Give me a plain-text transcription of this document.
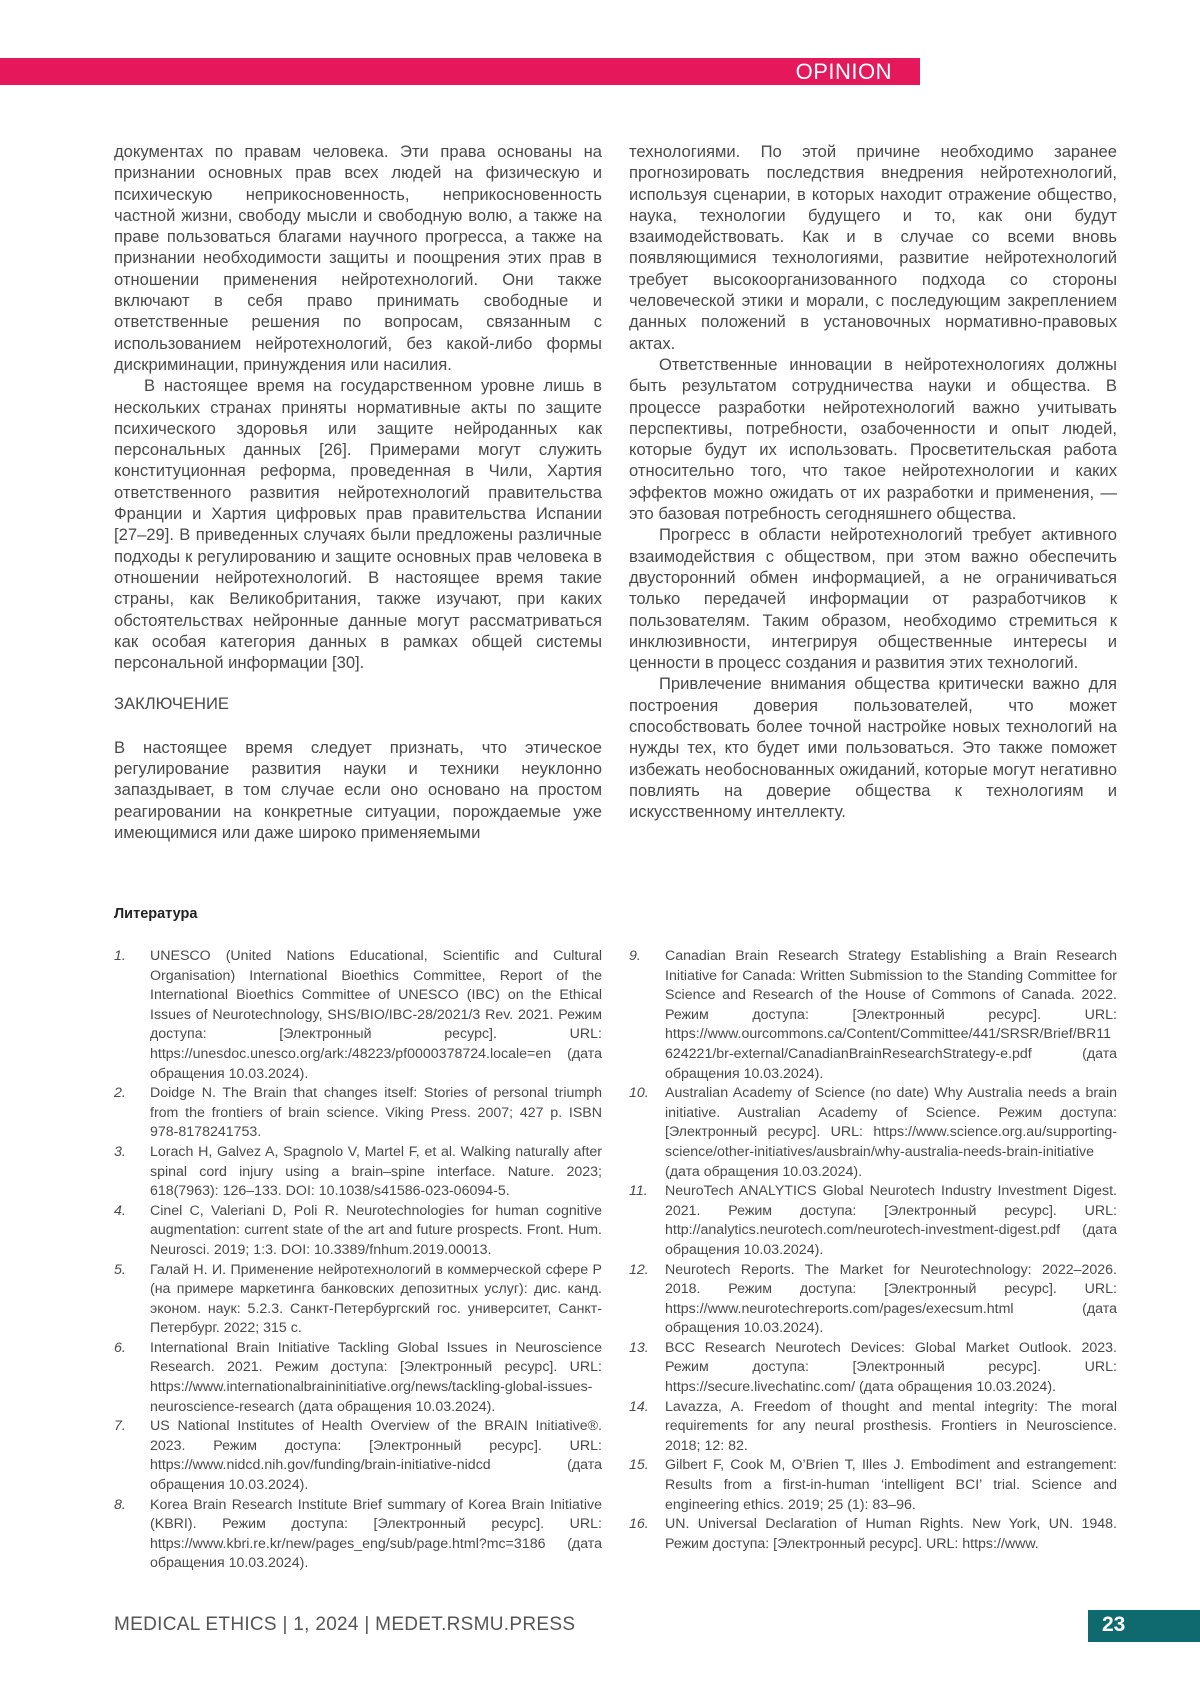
OPINION

документах по правам человека. Эти права основаны на признании основных прав всех людей на физическую и психическую неприкосновенность, неприкосновенность частной жизни, свободу мысли и свободную волю, а также на праве пользоваться благами научного прогресса, а также на признании необходимости защиты и поощрения этих прав в отношении применения нейротехнологий. Они также включают в себя право принимать свободные и ответственные решения по вопросам, связанным с использованием нейротехнологий, без какой-либо формы дискриминации, принуждения или насилия.

В настоящее время на государственном уровне лишь в нескольких странах приняты нормативные акты по защите психического здоровья или защите нейроданных как персональных данных [26]. Примерами могут служить конституционная реформа, проведенная в Чили, Хартия ответственного развития нейротехнологий правительства Франции и Хартия цифровых прав правительства Испании [27–29]. В приведенных случаях были предложены различные подходы к регулированию и защите основных прав человека в отношении нейротехнологий. В настоящее время такие страны, как Великобритания, также изучают, при каких обстоятельствах нейронные данные могут рассматриваться как особая категория данных в рамках общей системы персональной информации [30].

ЗАКЛЮЧЕНИЕ

В настоящее время следует признать, что этическое регулирование развития науки и техники неуклонно запаздывает, в том случае если оно основано на простом реагировании на конкретные ситуации, порождаемые уже имеющимися или даже широко применяемыми

технологиями. По этой причине необходимо заранее прогнозировать последствия внедрения нейротехнологий, используя сценарии, в которых находит отражение общество, наука, технологии будущего и то, как они будут взаимодействовать. Как и в случае со всеми вновь появляющимися технологиями, развитие нейротехнологий требует высокоорганизованного подхода со стороны человеческой этики и морали, с последующим закреплением данных положений в установочных нормативно-правовых актах.

Ответственные инновации в нейротехнологиях должны быть результатом сотрудничества науки и общества. В процессе разработки нейротехнологий важно учитывать перспективы, потребности, озабоченности и опыт людей, которые будут их использовать. Просветительская работа относительно того, что такое нейротехнологии и каких эффектов можно ожидать от их разработки и применения, — это базовая потребность сегодняшнего общества.

Прогресс в области нейротехнологий требует активного взаимодействия с обществом, при этом важно обеспечить двусторонний обмен информацией, а не ограничиваться только передачей информации от разработчиков к пользователям. Таким образом, необходимо стремиться к инклюзивности, интегрируя общественные интересы и ценности в процесс создания и развития этих технологий.

Привлечение внимания общества критически важно для построения доверия пользователей, что может способствовать более точной настройке новых технологий на нужды тех, кто будет ими пользоваться. Это также поможет избежать необоснованных ожиданий, которые могут негативно повлиять на доверие общества к технологиям и искусственному интеллекту.

Литература
1.	UNESCO (United Nations Educational, Scientific and Cultural Organisation) International Bioethics Committee, Report of the International Bioethics Committee of UNESCO (IBC) on the Ethical Issues of Neurotechnology, SHS/BIO/IBC-28/2021/3 Rev. 2021. Режим доступа: [Электронный ресурс]. URL: https://unesdoc.unesco.org/ark:/48223/pf0000378724.locale=en (дата обращения 10.03.2024).
2.	Doidge N. The Brain that changes itself: Stories of personal triumph from the frontiers of brain science. Viking Press. 2007; 427 p. ISBN 978-8178241753.
3.	Lorach H, Galvez A, Spagnolo V, Martel F, et al. Walking naturally after spinal cord injury using a brain–spine interface. Nature. 2023; 618(7963): 126–133. DOI: 10.1038/s41586-023-06094-5.
4.	Cinel C, Valeriani D, Poli R. Neurotechnologies for human cognitive augmentation: current state of the art and future prospects. Front. Hum. Neurosci. 2019; 1:3. DOI: 10.3389/fnhum.2019.00013.
5.	Галай Н. И. Применение нейротехнологий в коммерческой сфере Р (на примере маркетинга банковских депозитных услуг): дис. канд. эконом. наук: 5.2.3. Санкт-Петербургский гос. университет, Санкт-Петербург. 2022; 315 с.
6.	International Brain Initiative Tackling Global Issues in Neuroscience Research. 2021. Режим доступа: [Электронный ресурс]. URL: https://www.internationalbraininitiative.org/news/tackling-global-issues-neuroscience-research (дата обращения 10.03.2024).
7.	US National Institutes of Health Overview of the BRAIN Initiative®. 2023. Режим доступа: [Электронный ресурс]. URL: https://www.nidcd.nih.gov/funding/brain-initiative-nidcd (дата обращения 10.03.2024).
8.	Korea Brain Research Institute Brief summary of Korea Brain Initiative (KBRI). Режим доступа: [Электронный ресурс]. URL: https://www.kbri.re.kr/new/pages_eng/sub/page.html?mc=3186 (дата обращения 10.03.2024).
9.	Canadian Brain Research Strategy Establishing a Brain Research Initiative for Canada: Written Submission to the Standing Committee for Science and Research of the House of Commons of Canada. 2022. Режим доступа: [Электронный ресурс]. URL: https://www.ourcommons.ca/Content/Committee/441/SRSR/Brief/BR11624221/br-external/CanadianBrainResearchStrategy-e.pdf (дата обращения 10.03.2024).
10.	Australian Academy of Science (no date) Why Australia needs a brain initiative. Australian Academy of Science. Режим доступа: [Электронный ресурс]. URL: https://www.science.org.au/supporting-science/other-initiatives/ausbrain/why-australia-needs-brain-initiative (дата обращения 10.03.2024).
11.	NeuroTech ANALYTICS Global Neurotech Industry Investment Digest. 2021. Режим доступа: [Электронный ресурс]. URL: http://analytics.neurotech.com/neurotech-investment-digest.pdf (дата обращения 10.03.2024).
12.	Neurotech Reports. The Market for Neurotechnology: 2022–2026. 2018. Режим доступа: [Электронный ресурс]. URL: https://www.neurotechreports.com/pages/execsum.html (дата обращения 10.03.2024).
13.	BCC Research Neurotech Devices: Global Market Outlook. 2023. Режим доступа: [Электронный ресурс]. URL: https://secure.livechatinc.com/ (дата обращения 10.03.2024).
14.	Lavazza, A. Freedom of thought and mental integrity: The moral requirements for any neural prosthesis. Frontiers in Neuroscience. 2018; 12: 82.
15.	Gilbert F, Cook M, O’Brien T, Illes J. Embodiment and estrangement: Results from a first-in-human ‘intelligent BCI’ trial. Science and engineering ethics. 2019; 25 (1): 83–96.
16.	UN. Universal Declaration of Human Rights. New York, UN. 1948. Режим доступа: [Электронный ресурс]. URL: https://www.
MEDICAL ETHICS | 1, 2024 | MEDET.RSMU.PRESS	23
